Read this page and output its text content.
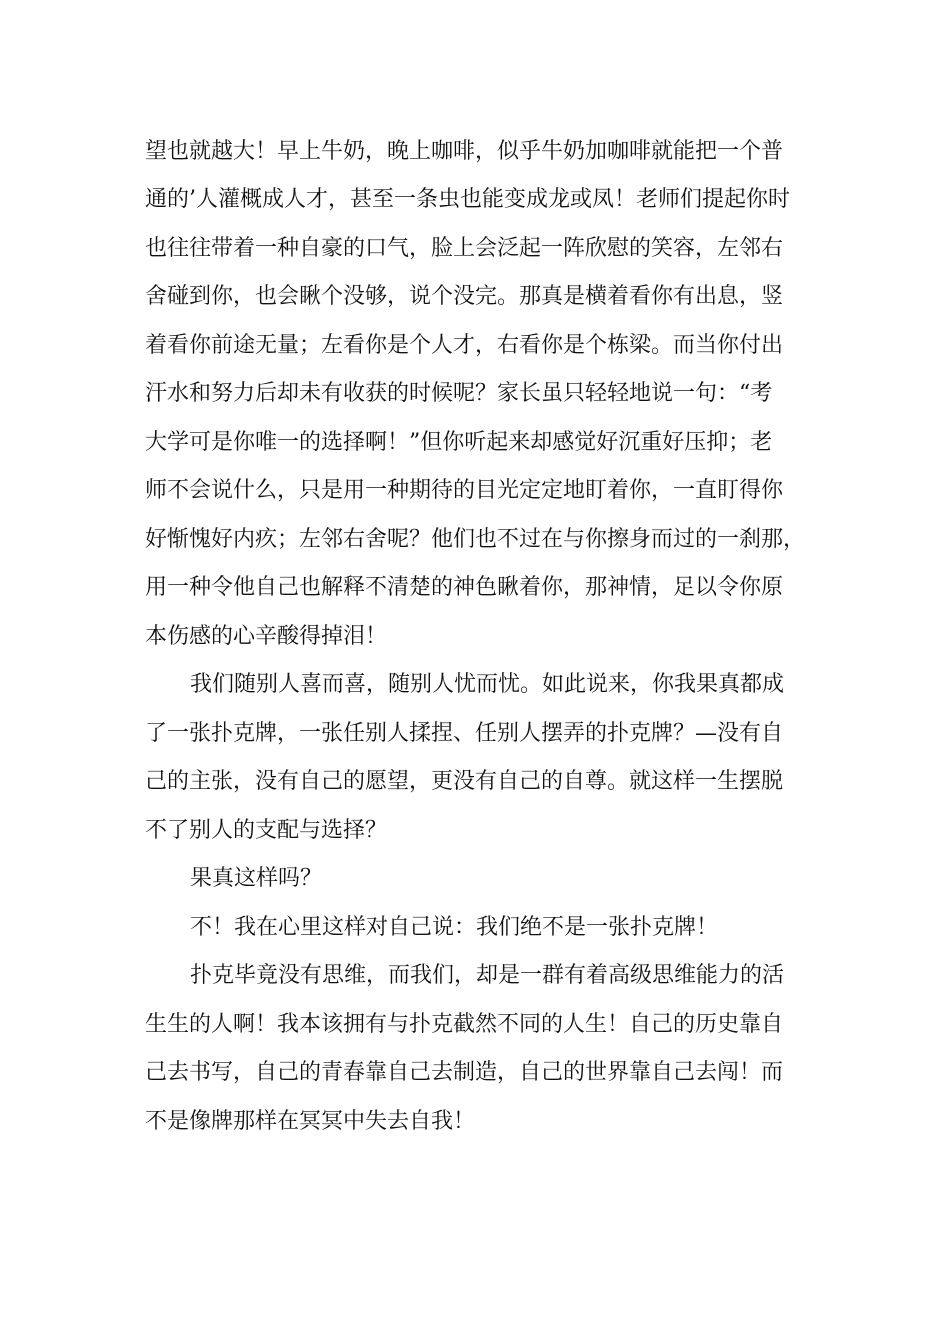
望也就越大！早上牛奶，晚上咖啡，似乎牛奶加咖啡就能把一个普
通的’人灌概成人才，甚至一条虫也能变成龙或凤！老师们提起你时
也往往带着一种自豪的口气，脸上会泛起一阵欣慰的笑容，左邻右
舍碰到你，也会瞅个没够，说个没完。那真是横着看你有出息，竖
着看你前途无量；左看你是个人才，右看你是个栋梁。而当你付出
汗水和努力后却未有收获的时候呢？家长虽只轻轻地说一句：“考
大学可是你唯一的选择啊！”但你听起来却感觉好沉重好压抑；老
师不会说什么，只是用一种期待的目光定定地盯着你，一直盯得你
好惭愧好内疚；左邻右舍呢？他们也不过在与你擦身而过的一刹那，
用一种令他自己也解释不清楚的神色瞅着你，那神情，足以令你原
本伤感的心辛酸得掉泪！
我们随别人喜而喜，随别人忧而忧。如此说来，你我果真都成
了一张扑克牌，一张任别人揉捏、任别人摆弄的扑克牌？—没有自
己的主张，没有自己的愿望，更没有自己的自尊。就这样一生摆脱
不了别人的支配与选择？
果真这样吗？
不！我在心里这样对自己说：我们绝不是一张扑克牌！
扑克毕竟没有思维，而我们，却是一群有着高级思维能力的活
生生的人啊！我本该拥有与扑克截然不同的人生！自己的历史靠自
己去书写，自己的青春靠自己去制造，自己的世界靠自己去闯！而
不是像牌那样在冥冥中失去自我！
